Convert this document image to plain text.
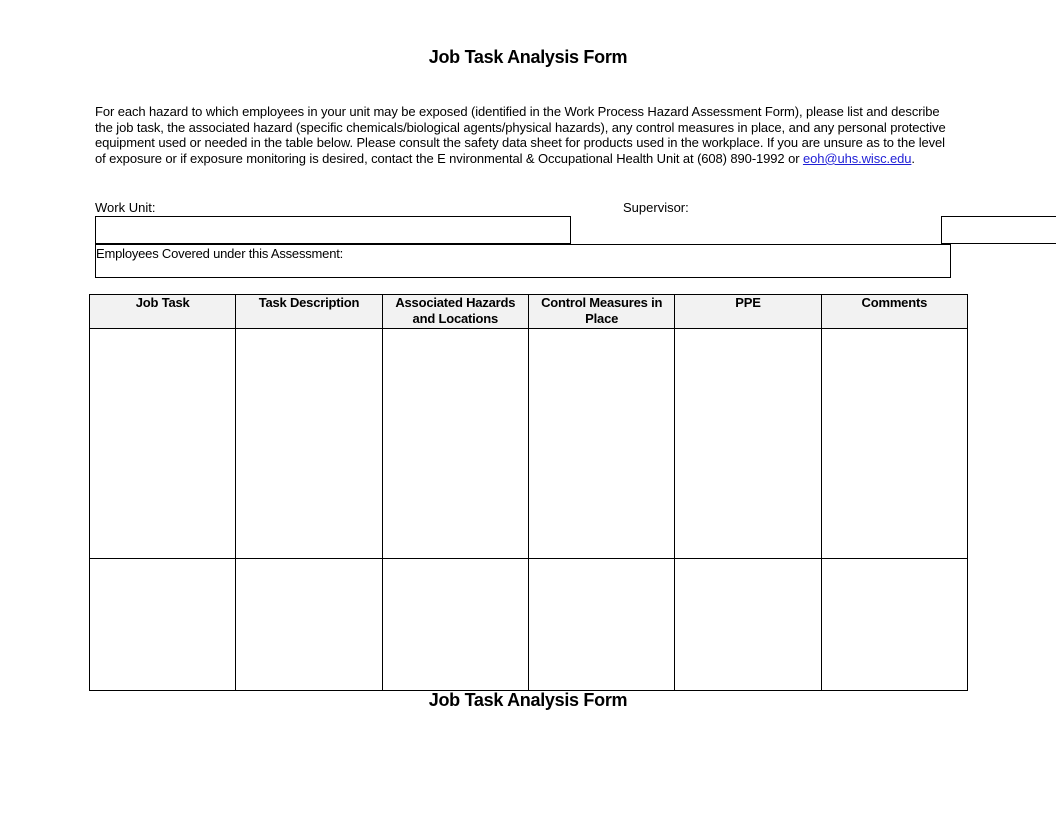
Job Task Analysis Form
For each hazard to which employees in your unit may be exposed (identified in the Work Process Hazard Assessment Form), please list and describe the job task, the associated hazard (specific chemicals/biological agents/physical hazards), any control measures in place, and any personal protective equipment used or needed in the table below. Please consult the safety data sheet for products used in the workplace. If you are unsure as to the level of exposure or if exposure monitoring is desired, contact the E nvironmental & Occupational Health Unit at (608) 890-1992 or eoh@uhs.wisc.edu.
Work Unit:	Supervisor:
Employees Covered under this Assessment:
Job Task	Task Description	Associated Hazards and Locations	Control Measures in Place	PPE	Comments

Job Task Analysis Form
